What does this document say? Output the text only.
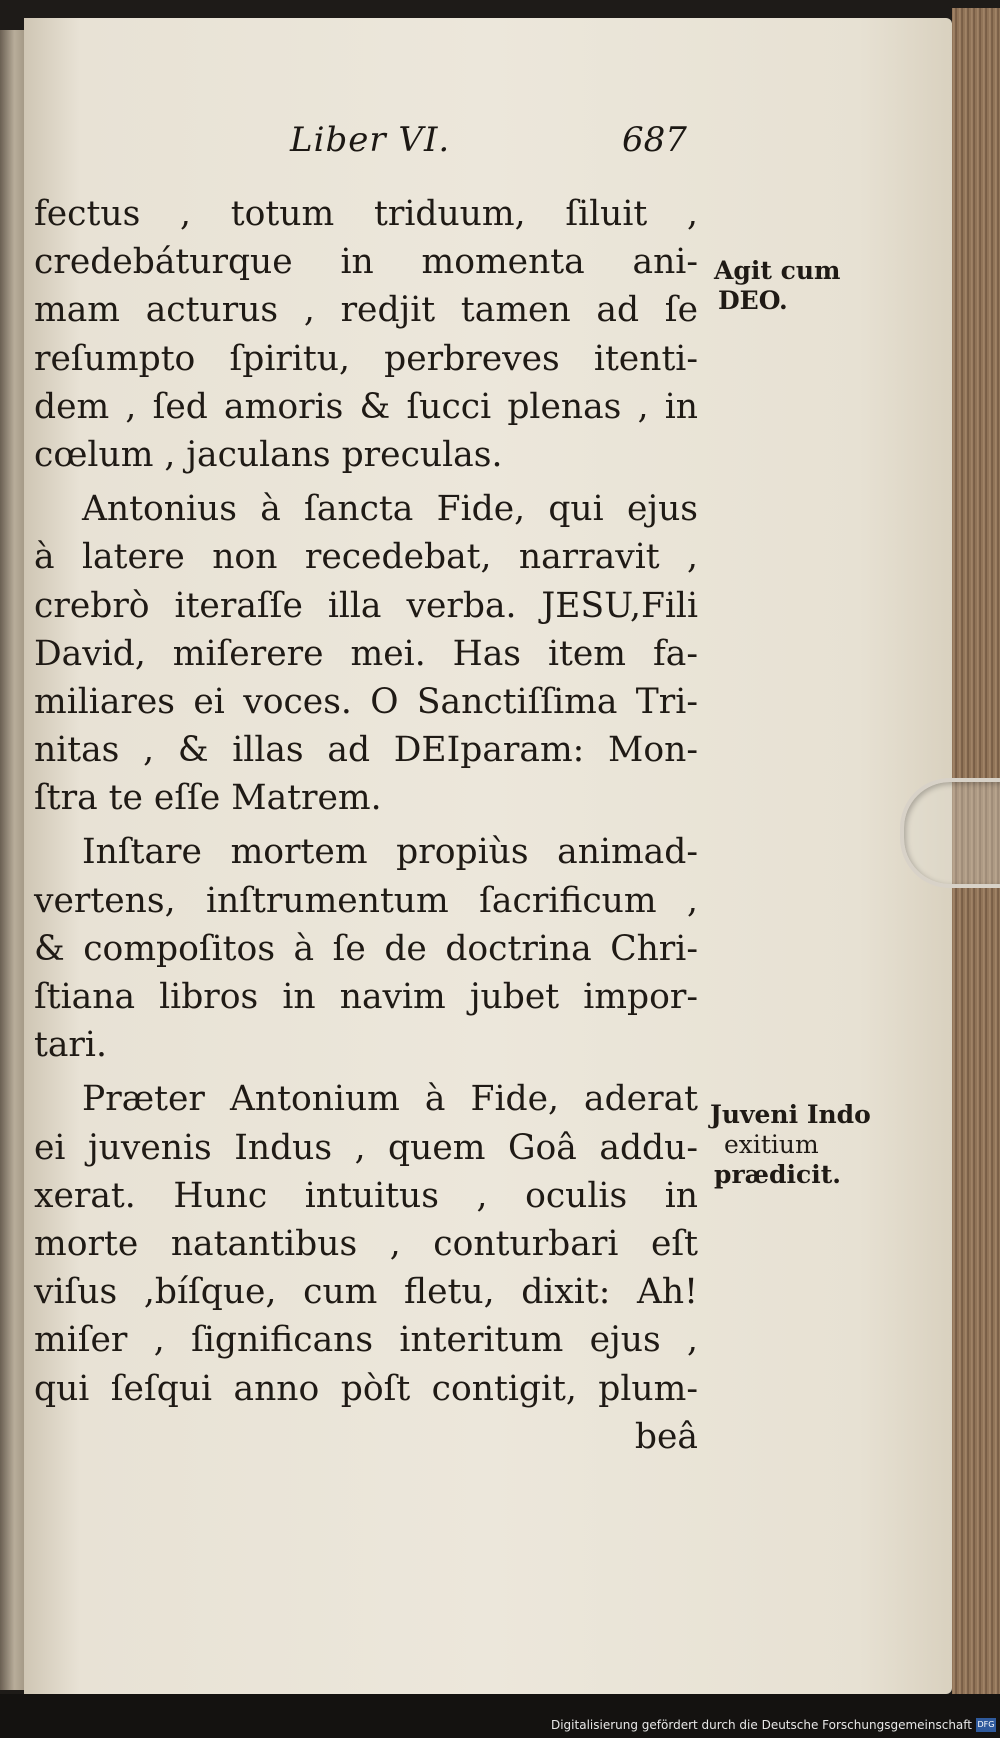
Liber VI.	687
fectus , totum triduum, ſiluit ,
credebáturque in momenta ani-
mam acturus , redjit tamen ad ſe
reſumpto ſpiritu, perbreves itenti-
dem , ſed amoris & ſucci plenas , in
cœlum , jaculans preculas.
Antonius à ſancta Fide, qui ejus
à latere non recedebat, narravit ,
crebrò iteraſſe illa verba. JESU,Fili
David, miſerere mei. Has item fa-
miliares ei voces. O Sanctiſſima Tri-
nitas , & illas ad DEIparam: Mon-
ſtra te eſſe Matrem.
Inſtare mortem propiùs animad-
vertens, inſtrumentum ſacrificum ,
& compoſitos à ſe de doctrina Chri-
ſtiana libros in navim jubet impor-
tari.
Præter Antonium à Fide, aderat
ei juvenis Indus , quem Goâ addu-
xerat. Hunc intuitus , oculis in
morte natantibus , conturbari eſt
viſus ,bíſque, cum fletu, dixit: Ah!
miſer , ſignificans interitum ejus ,
qui ſeſqui anno pòſt contigit, plum-
beâ
Agit cum
DEO.
Juveni Indo
exitium
prædicit.
Digitalisierung gefördert durch die Deutsche Forschungsgemeinschaft DFG
